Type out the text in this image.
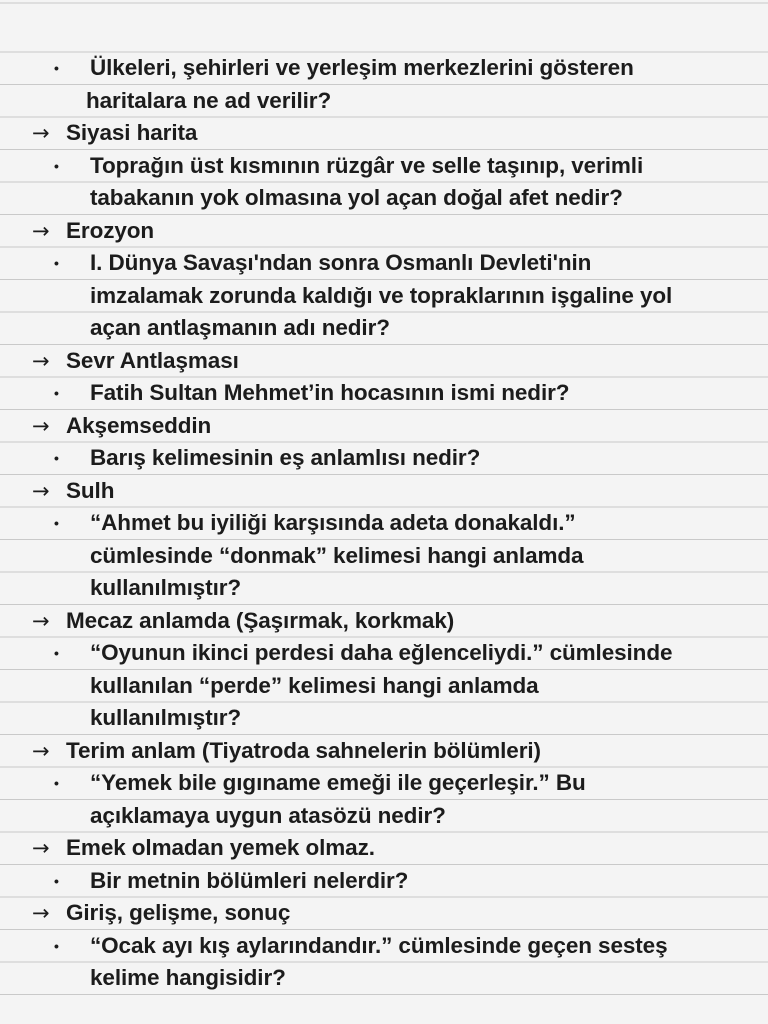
• Ülkeleri, şehirleri ve yerleşim merkezlerini gösteren
haritalara ne ad verilir?
→ Siyasi harita
• Toprağın üst kısmının rüzgâr ve selle taşınıp, verimli
tabakanın yok olmasına yol açan doğal afet nedir?
→ Erozyon
• I. Dünya Savaşı'ndan sonra Osmanlı Devleti'nin
imzalamak zorunda kaldığı ve topraklarının işgaline yol
açan antlaşmanın adı nedir?
→ Sevr Antlaşması
• Fatih Sultan Mehmet’in hocasının ismi nedir?
→ Akşemseddin
• Barış kelimesinin eş anlamlısı nedir?
→ Sulh
• “Ahmet bu iyiliği karşısında adeta donakaldı.”
cümlesinde “donmak” kelimesi hangi anlamda
kullanılmıştır?
→ Mecaz anlamda (Şaşırmak, korkmak)
• “Oyunun ikinci perdesi daha eğlenceliydi.” cümlesinde
kullanılan “perde” kelimesi hangi anlamda
kullanılmıştır?
→ Terim anlam (Tiyatroda sahnelerin bölümleri)
• “Yemek bile gıgıname emeği ile geçerleşir.” Bu
açıklamaya uygun atasözü nedir?
→ Emek olmadan yemek olmaz.
• Bir metnin bölümleri nelerdir?
→ Giriş, gelişme, sonuç
• “Ocak ayı kış aylarındandır.” cümlesinde geçen sesteş
kelime hangisidir?
